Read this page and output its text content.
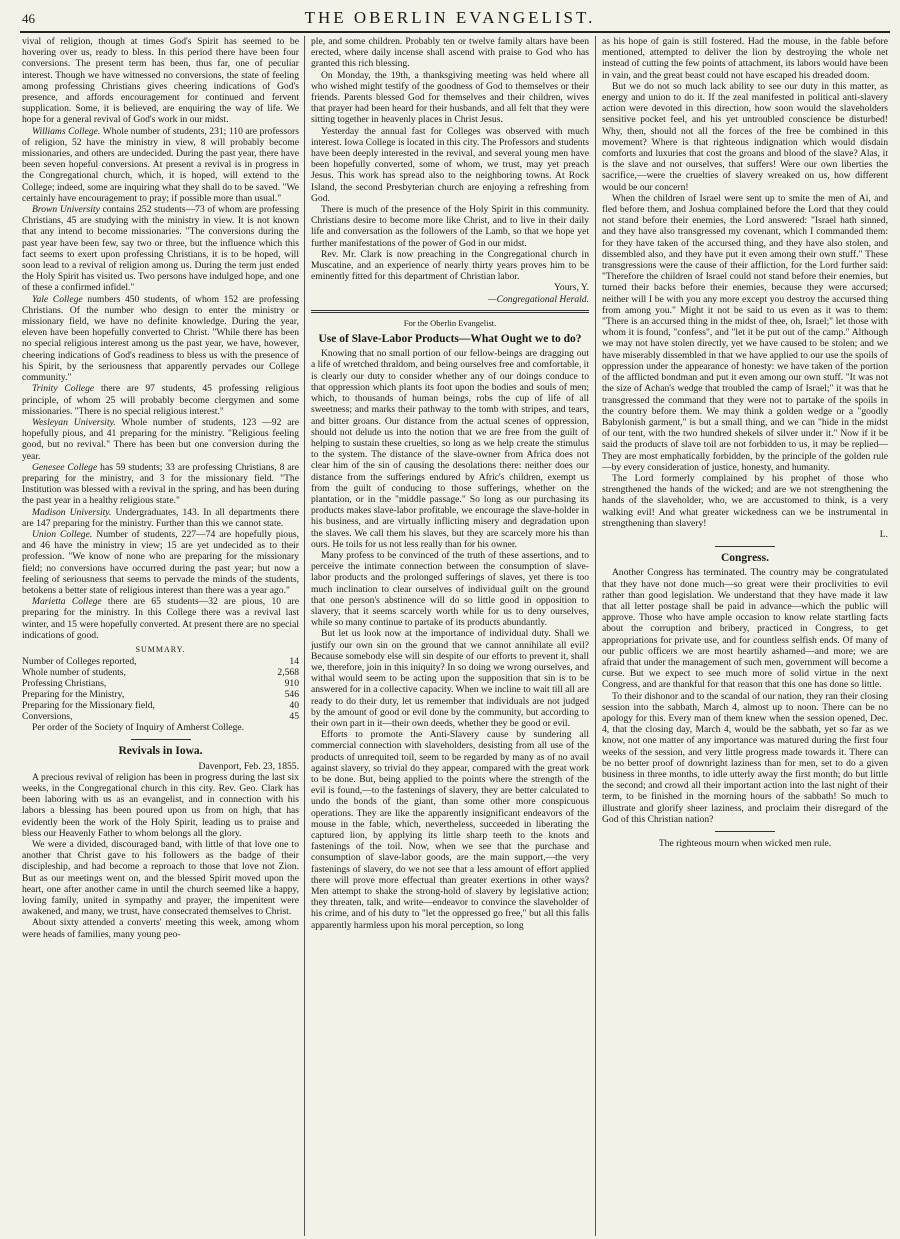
46	THE OBERLIN EVANGELIST.

vival of religion, though at times God's Spirit has seemed to be hovering over us, ready to bless. In this period there have been four conversions. The present term has been, thus far, one of peculiar interest. Though we have witnessed no conversions, the state of feeling among professing Christians gives cheering indications of God's presence, and affords encouragement for continued and fervent supplication. Some, it is believed, are enquiring the way of life. We hope for a general revival of God's work in our midst.

Williams College. Whole number of students, 231; 110 are professors of religion, 52 have the ministry in view, 8 will probably become missionaries, and others are undecided. During the past year, there have been seven hopeful conversions. At present a revival is in progress in the Congregational church, which, it is hoped, will extend to the College; indeed, some are inquiring what they shall do to be saved. "We certainly have encouragement to pray; if possible more than usual."

Brown University contains 252 students—73 of whom are professing Christians, 45 are studying with the ministry in view. It is not known that any intend to become missionaries. "The conversions during the past year have been few, say two or three, but the influence which this fact seems to exert upon professing Christians, it is to be hoped, will soon lead to a revival of religion among us. During the term just ended the Holy Spirit has visited us. Two persons have indulged hope, and one of these a confirmed infidel."

Yale College numbers 450 students, of whom 152 are professing Christians. Of the number who design to enter the ministry or missionary field, we have no definite knowledge. During the year, eleven have been hopefully converted to Christ. "While there has been no special religious interest among us the past year, we have, however, cheering indications of God's readiness to bless us with the presence of his Spirit, by the seriousness that apparently pervades our College community."

Trinity College there are 97 students, 45 professing religious principle, of whom 25 will probably become clergymen and some missionaries. "There is no special religious interest."

Wesleyan University. Whole number of students, 123 —92 are hopefully pious, and 41 preparing for the ministry. "Religious feeling good, but no revival." There has been but one conversion during the year.

Genesee College has 59 students; 33 are professing Christians, 8 are preparing for the ministry, and 3 for the missionary field. "The Institution was blessed with a revival in the spring, and has been during the past year in a healthy religious state."

Madison University. Undergraduates, 143. In all departments there are 147 preparing for the ministry. Further than this we cannot state.

Union College. Number of students, 227—74 are hopefully pious, and 46 have the ministry in view; 15 are yet undecided as to their profession. "We know of none who are preparing for the missionary field; no conversions have occurred during the past year; but now a feeling of seriousness that seems to pervade the minds of the students, betokens a better state of religious interest than there was a year ago."

Marietta College there are 65 students—32 are pious, 10 are preparing for the ministry. In this College there was a revival last winter, and 15 were hopefully converted. At present there are no special indications of good.

SUMMARY.
Number of Colleges reported,	14
Whole number of students,	2,568
Professing Christians,	910
Preparing for the Ministry,	546
Preparing for the Missionary field,	40
Conversions,	45

Per order of the Society of Inquiry of Amherst College.

Revivals in Iowa.

Davenport, Feb. 23, 1855.

A precious revival of religion has been in progress during the last six weeks, in the Congregational church in this city. Rev. Geo. Clark has been laboring with us as an evangelist, and in connection with his labors a blessing has been poured upon us from on high, that has evidently been the work of the Holy Spirit, leading us to praise and bless our Heavenly Father to whom belongs all the glory.

We were a divided, discouraged band, with little of that love one to another that Christ gave to his followers as the badge of their discipleship, and had become a reproach to those that love not Zion. But as our meetings went on, and the blessed Spirit moved upon the heart, one after another came in until the church seemed like a happy, loving family, united in sympathy and prayer, the impenitent were awakened, and many, we trust, have consecrated themselves to Christ.

About sixty attended a converts' meeting this week, among whom were heads of families, many young peo-

ple, and some children. Probably ten or twelve family altars have been erected, where daily incense shall ascend with praise to God who has granted this rich blessing.

On Monday, the 19th, a thanksgiving meeting was held where all who wished might testify of the goodness of God to themselves or their friends. Parents blessed God for themselves and their children, wives that prayer had been heard for their husbands, and all felt that they were sitting together in heavenly places in Christ Jesus.

Yesterday the annual fast for Colleges was observed with much interest. Iowa College is located in this city. The Professors and students have been deeply interested in the revival, and several young men have been hopefully converted, some of whom, we trust, may yet preach Jesus. This work has spread also to the neighboring towns. At Rock Island, the second Presbyterian church are enjoying a refreshing from God.

There is much of the presence of the Holy Spirit in this community. Christians desire to become more like Christ, and to live in their daily life and conversation as the followers of the Lamb, so that we hope yet further manifestations of the power of God in our midst.

Rev. Mr. Clark is now preaching in the Congregational church in Muscatine, and an experience of nearly thirty years proves him to be eminently fitted for this department of Christian labor.

Yours, Y.

—Congregational Herald.

For the Oberlin Evangelist.
Use of Slave-Labor Products—What Ought we to do?

Knowing that no small portion of our fellow-beings are dragging out a life of wretched thraldom, and being ourselves free and comfortable, it is clearly our duty to consider whether any of our doings conduce to that oppression which plants its foot upon the bodies and souls of men; which, to thousands of human beings, robs the cup of life of all sweetness; and marks their pathway to the tomb with stripes, and tears, and bitter groans. Our distance from the actual scenes of oppression, should not delude us into the notion that we are free from the guilt of helping to sustain these cruelties, so long as we help create the stimulus to the system. The distance of the slave-owner from Africa does not clear him of the sin of causing the desolations there: neither does our distance from the sufferings endured by Afric's children, exempt us from the guilt of conducing to those sufferings, whether on the plantation, or in the "middle passage." So long as our purchasing its products makes slave-labor profitable, we encourage the slave-holder in his business, and are virtually inflicting misery and degradation upon the slaves. We call them his slaves, but they are scarcely more his than ours. He toils for us not less really than for his owner.

Many profess to be convinced of the truth of these assertions, and to perceive the intimate connection between the consumption of slave-labor products and the prolonged sufferings of slaves, yet there is too much inclination to clear ourselves of individual guilt on the ground that one person's abstinence will do so little good in opposition to slavery, that it seems scarcely worth while for us to deny ourselves, while so many continue to partake of its products abundantly.

But let us look now at the importance of individual duty. Shall we justify our own sin on the ground that we cannot annihilate all evil? Because somebody else will sin despite of our efforts to prevent it, shall we, therefore, join in this iniquity? In so doing we wrong ourselves, and withal would seem to be acting upon the supposition that sin is to be answered for in a collective capacity. When we incline to wait till all are ready to do their duty, let us remember that individuals are not judged by the amount of good or evil done by the community, but according to their own part in it—their own deeds, whether they be good or evil.

Efforts to promote the Anti-Slavery cause by sundering all commercial connection with slaveholders, desisting from all use of the products of unrequited toil, seem to be regarded by many as of no avail against slavery, so trivial do they appear, compared with the great work to be done. But, being applied to the points where the strength of the evil is found,—to the fastenings of slavery, they are better calculated to undo the bonds of the giant, than some other more conspicuous operations. They are like the apparently insignificant endeavors of the mouse in the fable, which, nevertheless, succeeded in liberating the captured lion, by applying its little sharp teeth to the knots and fastenings of the toil. Now, when we see that the purchase and consumption of slave-labor goods, are the main support,—the very fastenings of slavery, do we not see that a less amount of effort applied there will prove more effectual than greater exertions in other ways? Men attempt to shake the strong-hold of slavery by legislative action; they threaten, talk, and write—endeavor to convince the slaveholder of his crime, and of his duty to "let the oppressed go free," but all this falls apparently harmless upon his moral perception, so long

as his hope of gain is still fostered. Had the mouse, in the fable before mentioned, attempted to deliver the lion by destroying the whole net instead of cutting the few points of attachment, its labors would have been in vain, and the great beast could not have escaped his dreaded doom.

But we do not so much lack ability to see our duty in this matter, as energy and union to do it. If the zeal manifested in political anti-slavery action were devoted in this direction, how soon would the slaveholders sensitive pocket feel, and his yet untroubled conscience be disturbed! Why, then, should not all the forces of the free be combined in this movement? Where is that righteous indignation which would disdain comforts and luxuries that cost the groans and blood of the slave? Alas, it is the slave and not ourselves, that suffers! Were our own liberties the sacrifice,—were the cruelties of slavery wreaked on us, how different would be our concern!

When the children of Israel were sent up to smite the men of Ai, and fled before them, and Joshua complained before the Lord that they could not stand before their enemies, the Lord answered: "Israel hath sinned, and they have also transgressed my covenant, which I commanded them: for they have taken of the accursed thing, and they have also stolen, and dissembled also, and they have put it even among their own stuff." These transgressions were the cause of their affliction, for the Lord further said: "Therefore the children of Israel could not stand before their enemies, but turned their backs before their enemies, because they were accursed; neither will I be with you any more except you destroy the accursed thing from among you." Might it not be said to us even as it was to them: "There is an accursed thing in the midst of thee, oh, Israel;" let those with whom it is found, "confess", and "let it be put out of the camp." Although we may not have stolen directly, yet we have caused to be stolen; and we have miserably dissembled in that we have applied to our use the spoils of oppression under the appearance of honesty: we have taken of the portion of the afflicted bondman and put it even among our own stuff. "It was not the size of Achan's wedge that troubled the camp of Israel;" it was that he transgressed the command that they were not to partake of the spoils in the country before them. We may think a golden wedge or a "goodly Babylonish garment," is but a small thing, and we can "hide in the midst of our tent, with the two hundred shekels of silver under it." Now if it be said the products of slave toil are not forbidden to us, it may be replied—They are most emphatically forbidden, by the principle of the golden rule—by every consideration of justice, honesty, and humanity.

The Lord formerly complained by his prophet of those who strengthened the hands of the wicked; and are we not strengthening the hands of the slaveholder, who, we are accustomed to think, is a very walking evil! And what greater wickedness can we be instrumental in strengthening than slavery!

L.

Congress.

Another Congress has terminated. The country may be congratulated that they have not done much—so great were their proclivities to evil rather than good legislation. We understand that they have made it law that all letter postage shall be paid in advance—which the public will approve. Those who have ample occasion to know relate startling facts about the corruption and bribery, practiced in Congress, to get appropriations for private use, and for countless selfish ends. Of many of our public officers we are most heartily ashamed—and more; we are afraid that under the management of such men, government will become a curse. But we expect to see much more of solid virtue in the next Congress, and are thankful for that reason that this one has done so little.

To their dishonor and to the scandal of our nation, they ran their closing session into the sabbath, March 4, almost up to noon. There can be no apology for this. Every man of them knew when the session opened, Dec. 4, that the closing day, March 4, would be the sabbath, yet so far as we know, not one matter of any importance was matured during the first four weeks of the session, and very little progress made towards it. There can be no better proof of downright laziness than for men, set to do a given business in three months, to idle utterly away the first month; do but little the second; and crowd all their important action into the last night of their term, to be finished in the morning hours of the sabbath! So much to illustrate and glorify sheer laziness, and proclaim their disregard of the God of this Christian nation?

The righteous mourn when wicked men rule.
